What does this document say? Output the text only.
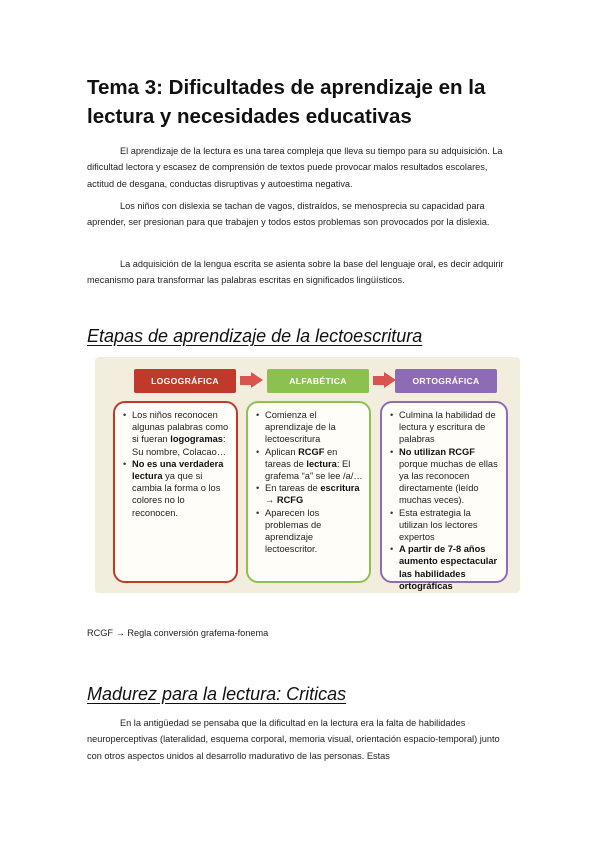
Tema 3: Dificultades de aprendizaje en la
lectura y necesidades educativas

El aprendizaje de la lectura es una tarea compleja que lleva su tiempo para su adquisición. La dificultad lectora y escasez de comprensión de textos puede provocar malos resultados escolares, actitud de desgana, conductas disruptivas y autoestima negativa.

Los niños con dislexia se tachan de vagos, distraídos, se menosprecia su capacidad para aprender, ser presionan para que trabajen y todos estos problemas son provocados por la dislexia.

La adquisición de la lengua escrita se asienta sobre la base del lenguaje oral, es decir adquirir mecanismo para transformar las palabras escritas en significados lingüísticos.

Etapas de aprendizaje de la lectoescritura
LOGOGRÁFICA	ALFABÉTICA	ORTOGRÁFICA
• Los niños reconocen algunas palabras como si fueran logogramas: Su nombre, Colacao…
• No es una verdadera lectura ya que si cambia la forma o los colores no lo reconocen.
• Comienza el aprendizaje de la lectoescritura
• Aplican RCGF en tareas de lectura: El grafema “a” se lee /a/…
• En tareas de escritura → RCFG
• Aparecen los problemas de aprendizaje lectoescritor.
• Culmina la habilidad de lectura y escritura de palabras
• No utilizan RCGF porque muchas de ellas ya las reconocen directamente (leído muchas veces).
• Esta estrategia la utilizan los lectores expertos
• A partir de 7-8 años aumento espectacular las habilidades ortográficas
RCGF → Regla conversión grafema-fonema
Madurez para la lectura: Criticas

En la antigüedad se pensaba que la dificultad en la lectura era la falta de habilidades neuroperceptivas (lateralidad, esquema corporal, memoria visual, orientación espacio-temporal) junto con otros aspectos unidos al desarrollo madurativo de las personas. Estas
